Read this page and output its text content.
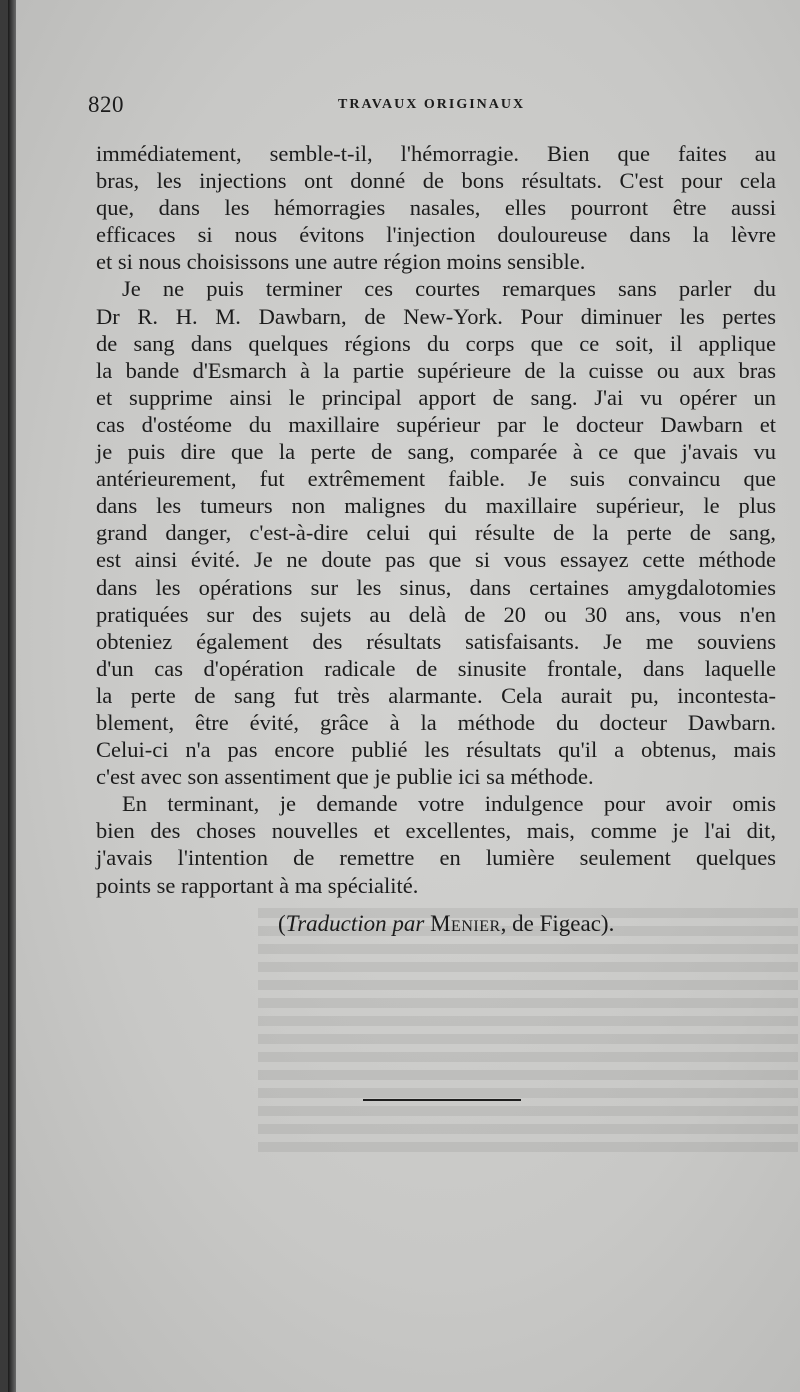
820	TRAVAUX ORIGINAUX
immédiatement, semble-t-il, l'hémorragie. Bien que faites au
bras, les injections ont donné de bons résultats. C'est pour cela
que, dans les hémorragies nasales, elles pourront être aussi
efficaces si nous évitons l'injection douloureuse dans la lèvre
et si nous choisissons une autre région moins sensible.
Je ne puis terminer ces courtes remarques sans parler du
Dr R. H. M. Dawbarn, de New-York. Pour diminuer les pertes
de sang dans quelques régions du corps que ce soit, il applique
la bande d'Esmarch à la partie supérieure de la cuisse ou aux bras
et supprime ainsi le principal apport de sang. J'ai vu opérer un
cas d'ostéome du maxillaire supérieur par le docteur Dawbarn et
je puis dire que la perte de sang, comparée à ce que j'avais vu
antérieurement, fut extrêmement faible. Je suis convaincu que
dans les tumeurs non malignes du maxillaire supérieur, le plus
grand danger, c'est-à-dire celui qui résulte de la perte de sang,
est ainsi évité. Je ne doute pas que si vous essayez cette méthode
dans les opérations sur les sinus, dans certaines amygdalotomies
pratiquées sur des sujets au delà de 20 ou 30 ans, vous n'en
obteniez également des résultats satisfaisants. Je me souviens
d'un cas d'opération radicale de sinusite frontale, dans laquelle
la perte de sang fut très alarmante. Cela aurait pu, incontesta-
blement, être évité, grâce à la méthode du docteur Dawbarn.
Celui-ci n'a pas encore publié les résultats qu'il a obtenus, mais
c'est avec son assentiment que je publie ici sa méthode.
En terminant, je demande votre indulgence pour avoir omis
bien des choses nouvelles et excellentes, mais, comme je l'ai dit,
j'avais l'intention de remettre en lumière seulement quelques
points se rapportant à ma spécialité.
(Traduction par Menier, de Figeac).
